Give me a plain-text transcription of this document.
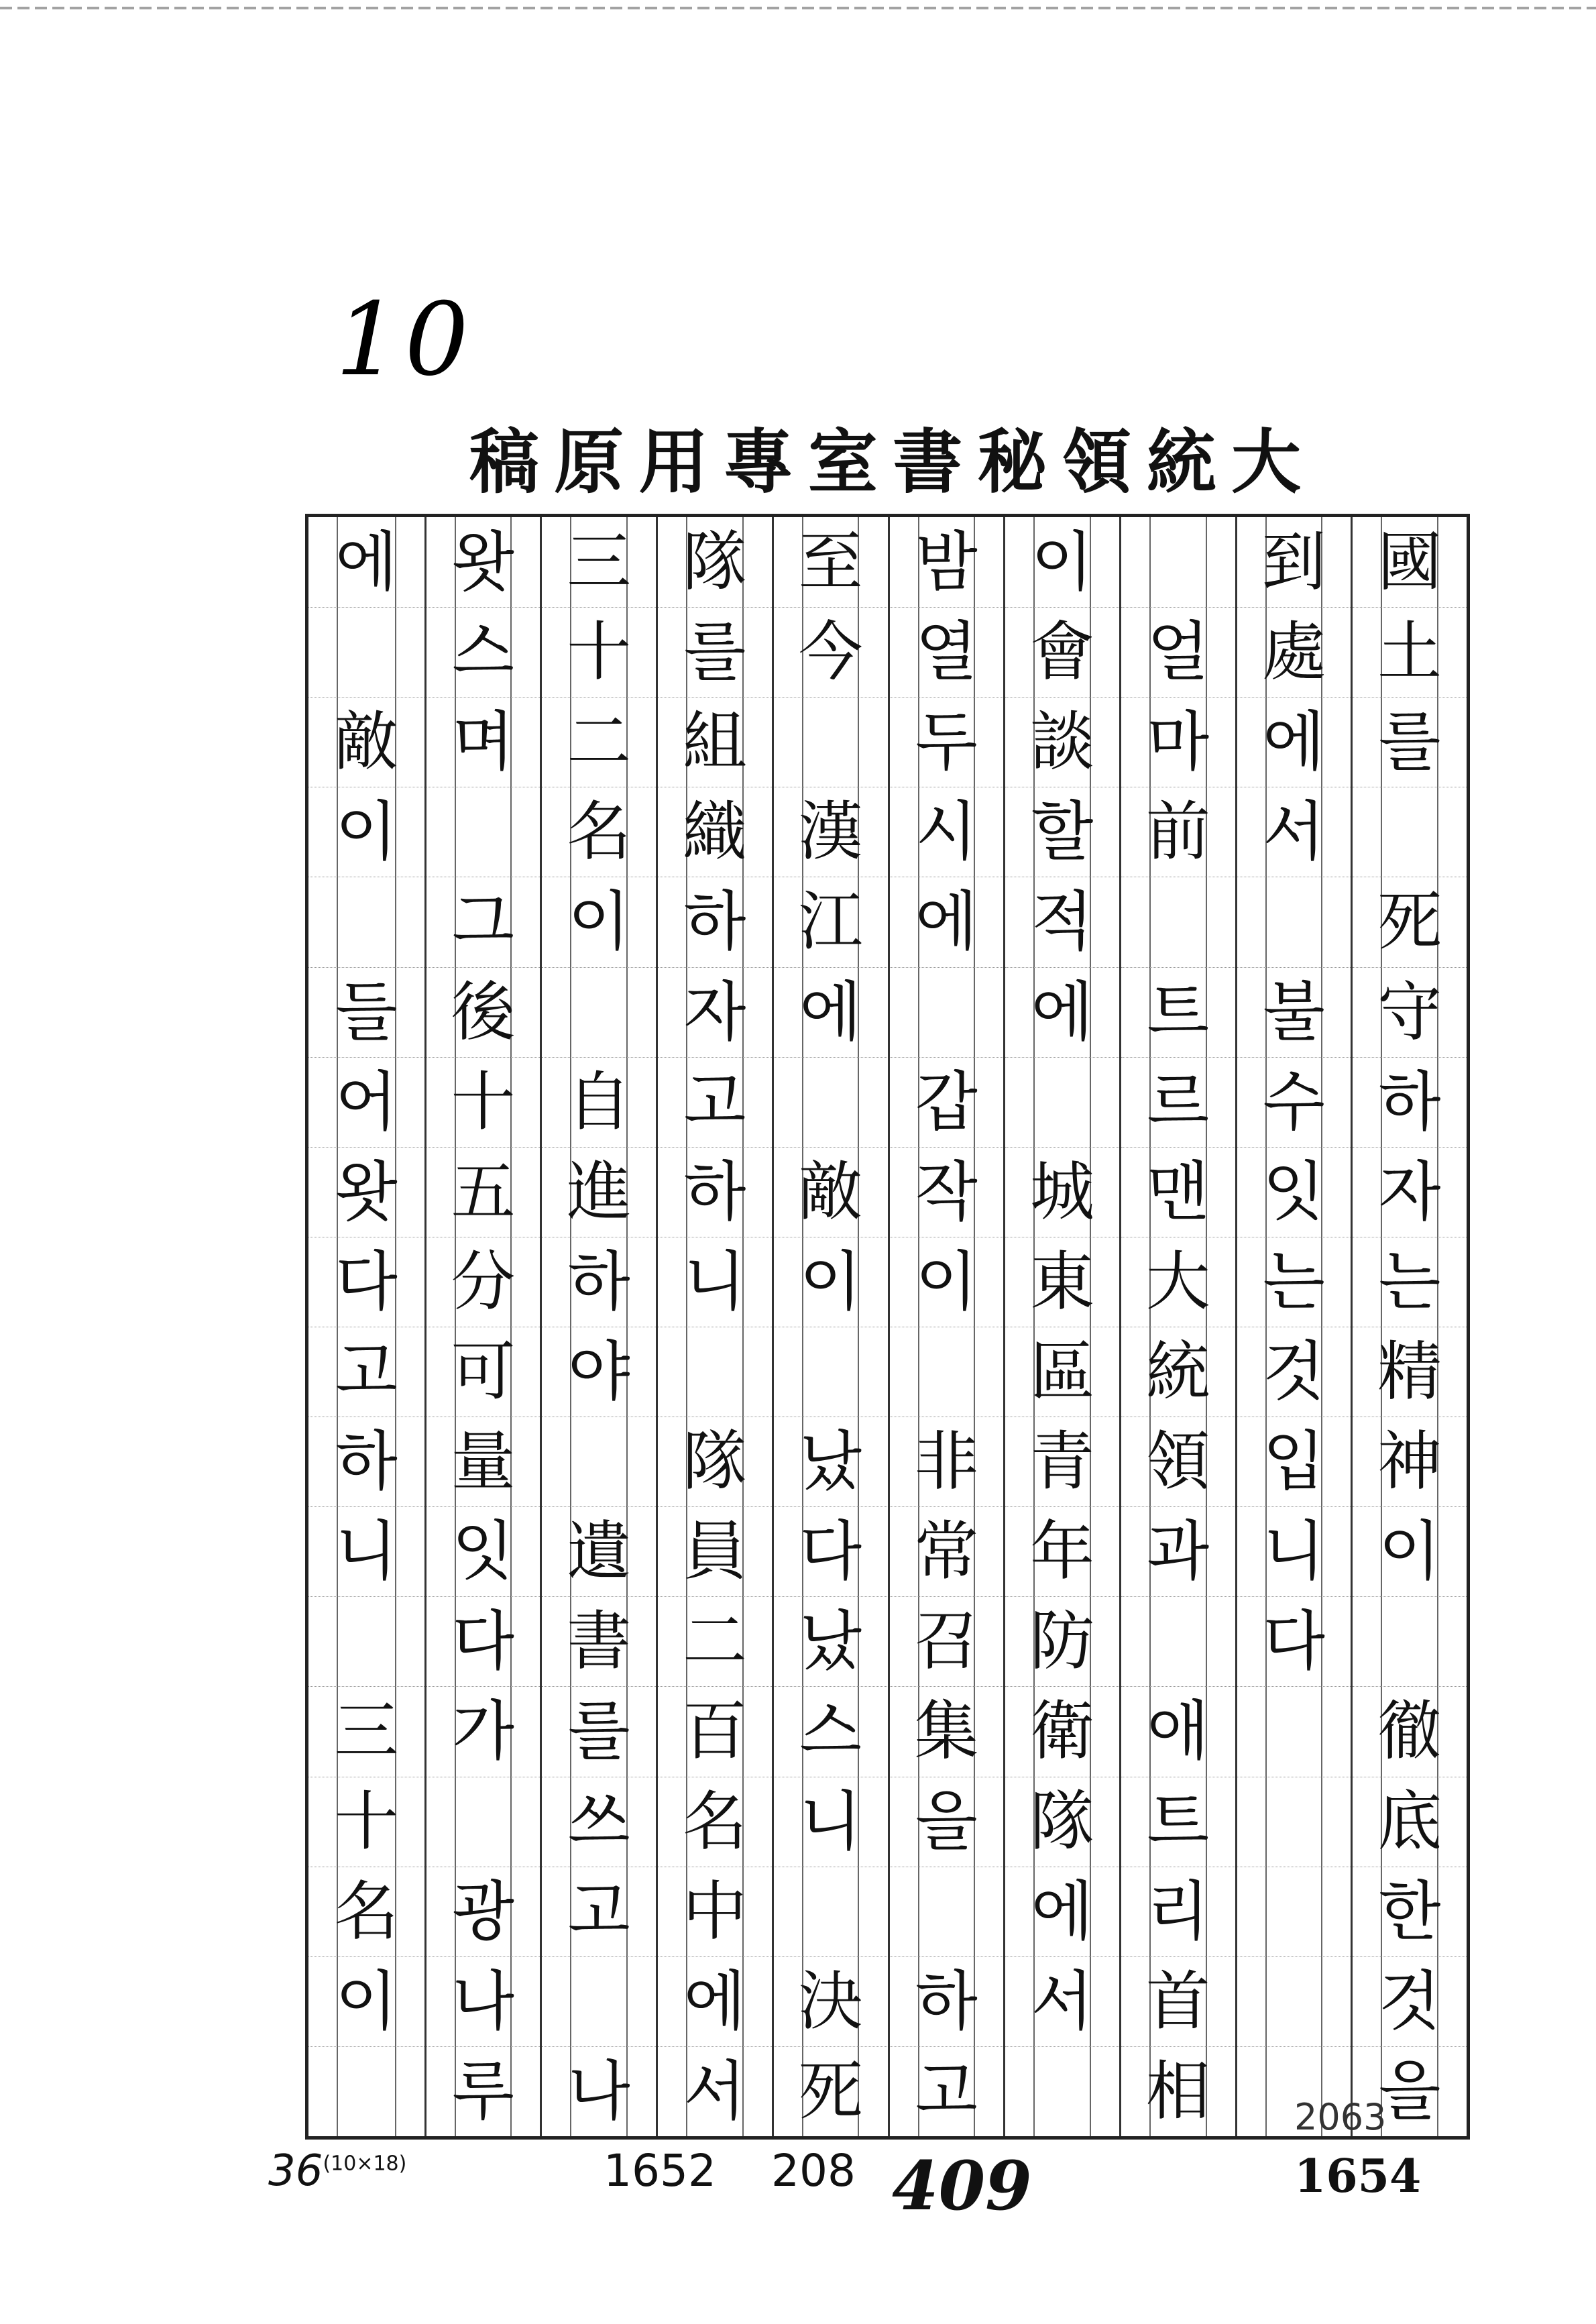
10
稿 原 用 專 室 書 秘 領 統 大
國
土
를
死
守
하
자
는
精
神
이
徹
底
한
것
을
到
處
에
서
불
수
잇
는
것
입
니
다
얼
마
前
트
르
맨
大
統
領
과
애
트
리
首
相
이
會
談
할
적
에
城
東
區
青
年
防
衛
隊
에
서
밤
열
두
시
에
갑
작
이
非
常
召
集
을
하
고
至
今
漢
江
에
敵
이
났
다
났
스
니
決
死
隊
를
組
織
하
자
고
하
니
隊
員
二
百
名
中
에
서
三
十
二
名
이
自
進
하
야
遺
書
를
쓰
고
나
왓
스
며
그
後
十
五
分
可
量
잇
다
가
광
나
루
에
敵
이
들
어
왓
다
고
하
니
三
十
名
이
$36^{(10\times 18)}$	1652 208 409	1654
2063
